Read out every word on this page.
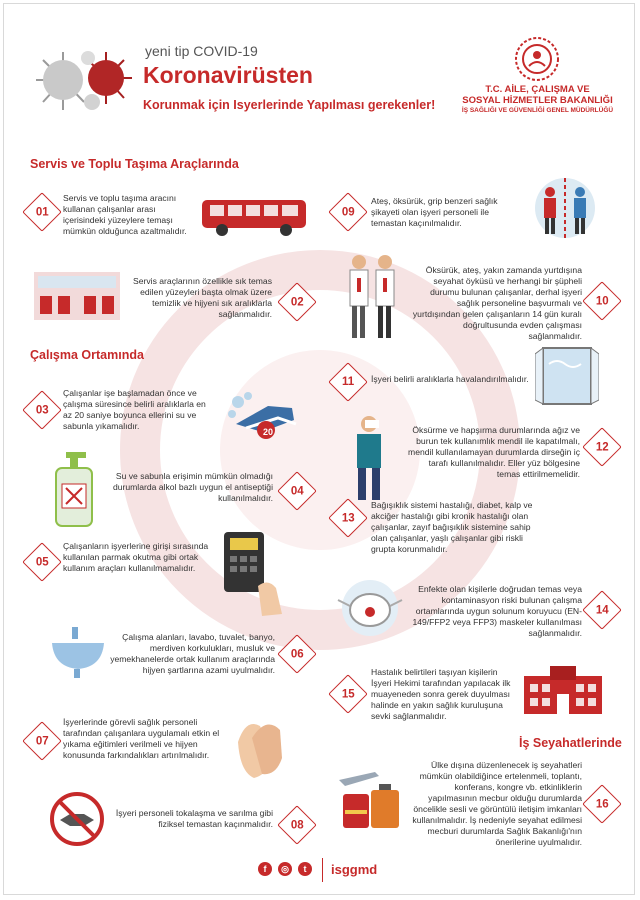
yeni tip COVID-19
Koronavirüsten
Korunmak için Isyerlerinde Yapılması gerekenler!
T.C. AİLE, ÇALIŞMA VE
SOSYAL HİZMETLER BAKANLIĞI
İŞ SAĞLIĞI VE GÜVENLİĞİ GENEL MÜDÜRLÜĞÜ
Servis ve Toplu Taşıma Araçlarında
Çalışma Ortamında
İş Seyahatlerinde
01
Servis ve toplu taşıma aracını kullanan çalışanlar arası içerisindeki yüzeylere temaşı mümkün olduğunca azaltmalıdır.
Servis araçlarının özellikle sık temas edilen yüzeyleri başta olmak üzere temizlik ve hijyeni sık aralıklarla sağlanmalıdır.
02
03
Çalışanlar işe başlamadan önce ve çalışma süresince belirli aralıklarla en az 20 saniye boyunca ellerini su ve sabunla yıkamalıdır.
20
Su ve sabunla erişimin mümkün olmadığı durumlarda alkol bazlı uygun el antiseptiği kullanılmalıdır.
04
05
Çalışanların işyerlerine girişi sırasında kullanılan parmak okutma gibi ortak kullanım araçları kullanılmamalıdır.
Çalışma alanları, lavabo, tuvalet, banyo, merdiven korkulukları, musluk ve yemekhanelerde ortak kullanım araçlarında hijyen şartlarına azami uyulmalıdır.
06
07
İşyerlerinde görevli sağlık personeli tarafından çalışanlara uygulamalı etkin el yıkama eğitimleri verilmeli ve hijyen konusunda farkındalıkları artırılmalıdır.
İşyeri personeli tokalaşma ve sarılma gibi fiziksel temastan kaçınmalıdır. 08
09
Ateş, öksürük, grip benzeri sağlık şikayeti olan işyeri personeli ile temastan kaçınılmalıdır.
Öksürük, ateş, yakın zamanda yurtdışına seyahat öyküsü ve herhangi bir şüpheli durumu bulunan çalışanlar, derhal işyeri sağlık personeline başvurmalı ve yurtdışından gelen çalışanların 14 gün kuralı doğrultusunda evden çalışması sağlanmalıdır.
10
11 İşyeri belirli aralıklarla havalandırılmalıdır.
Öksürme ve hapşırma durumlarında ağız ve burun tek kullanımlık mendil ile kapatılmalı, mendil kullanılamayan durumlarda dirseğin iç tarafı kullanılmalıdır. Eller yüz bölgesine temas ettirilmemelidir.
12
13
Bağışıklık sistemi hastalığı, diabet, kalp ve akciğer hastalığı gibi kronik hastalığı olan çalışanlar, zayıf bağışıklık sistemine sahip olan çalışanlar, yaşlı çalışanlar gibi riskli grupta korunmalıdır.
Enfekte olan kişilerle doğrudan temas veya kontaminasyon riski bulunan çalışma ortamlarında uygun solunum koruyucu (EN-149/FFP2 veya FFP3) maskeler kullanılması sağlanmalıdır.
14
15
Hastalık belirtileri taşıyan kişilerin İşyeri Hekimi tarafından yapılacak ilk muayeneden sonra gerek duyulması halinde en yakın sağlık kuruluşuna sevki sağlanmalıdır.
Ülke dışına düzenlenecek iş seyahatleri mümkün olabildiğince ertelenmeli, toplantı, konferans, kongre vb. etkinliklerin yapılmasının mecbur olduğu durumlarda öncelikle sesli ve görüntülü iletişim imkanları kullanılmalıdır. İş nedeniyle seyahat edilmesi mecburi durumlarda Sağlık Bakanlığı'nın önerilerine uyulmalıdır.
16
f ◎ t isggmd
